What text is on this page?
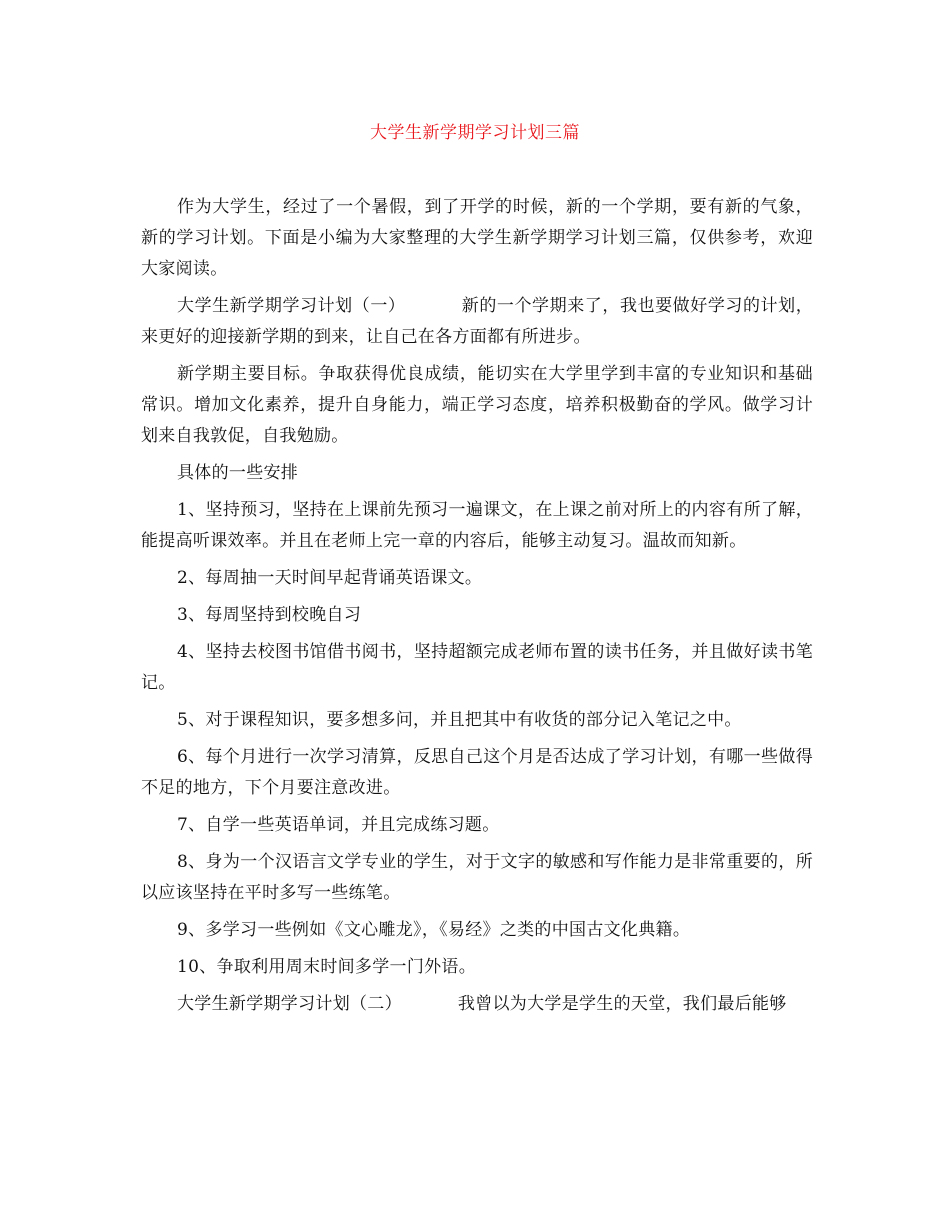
大学生新学期学习计划三篇

作为大学生，经过了一个暑假，到了开学的时候，新的一个学期，要有新的气象，新的学习计划。下面是小编为大家整理的大学生新学期学习计划三篇，仅供参考，欢迎大家阅读。

大学生新学期学习计划（一）	新的一个学期来了，我也要做好学习的计划，来更好的迎接新学期的到来，让自己在各方面都有所进步。

新学期主要目标。争取获得优良成绩，能切实在大学里学到丰富的专业知识和基础常识。增加文化素养，提升自身能力，端正学习态度，培养积极勤奋的学风。做学习计划来自我敦促，自我勉励。

具体的一些安排

1、坚持预习，坚持在上课前先预习一遍课文，在上课之前对所上的内容有所了解，能提高听课效率。并且在老师上完一章的内容后，能够主动复习。温故而知新。

2、每周抽一天时间早起背诵英语课文。

3、每周坚持到校晚自习

4、坚持去校图书馆借书阅书，坚持超额完成老师布置的读书任务，并且做好读书笔记。

5、对于课程知识，要多想多问，并且把其中有收货的部分记入笔记之中。

6、每个月进行一次学习清算，反思自己这个月是否达成了学习计划，有哪一些做得不足的地方，下个月要注意改进。

7、自学一些英语单词，并且完成练习题。

8、身为一个汉语言文学专业的学生，对于文字的敏感和写作能力是非常重要的，所以应该坚持在平时多写一些练笔。

9、多学习一些例如《文心雕龙》，《易经》之类的中国古文化典籍。

10、争取利用周末时间多学一门外语。

大学生新学期学习计划（二）	我曾以为大学是学生的天堂，我们最后能够
